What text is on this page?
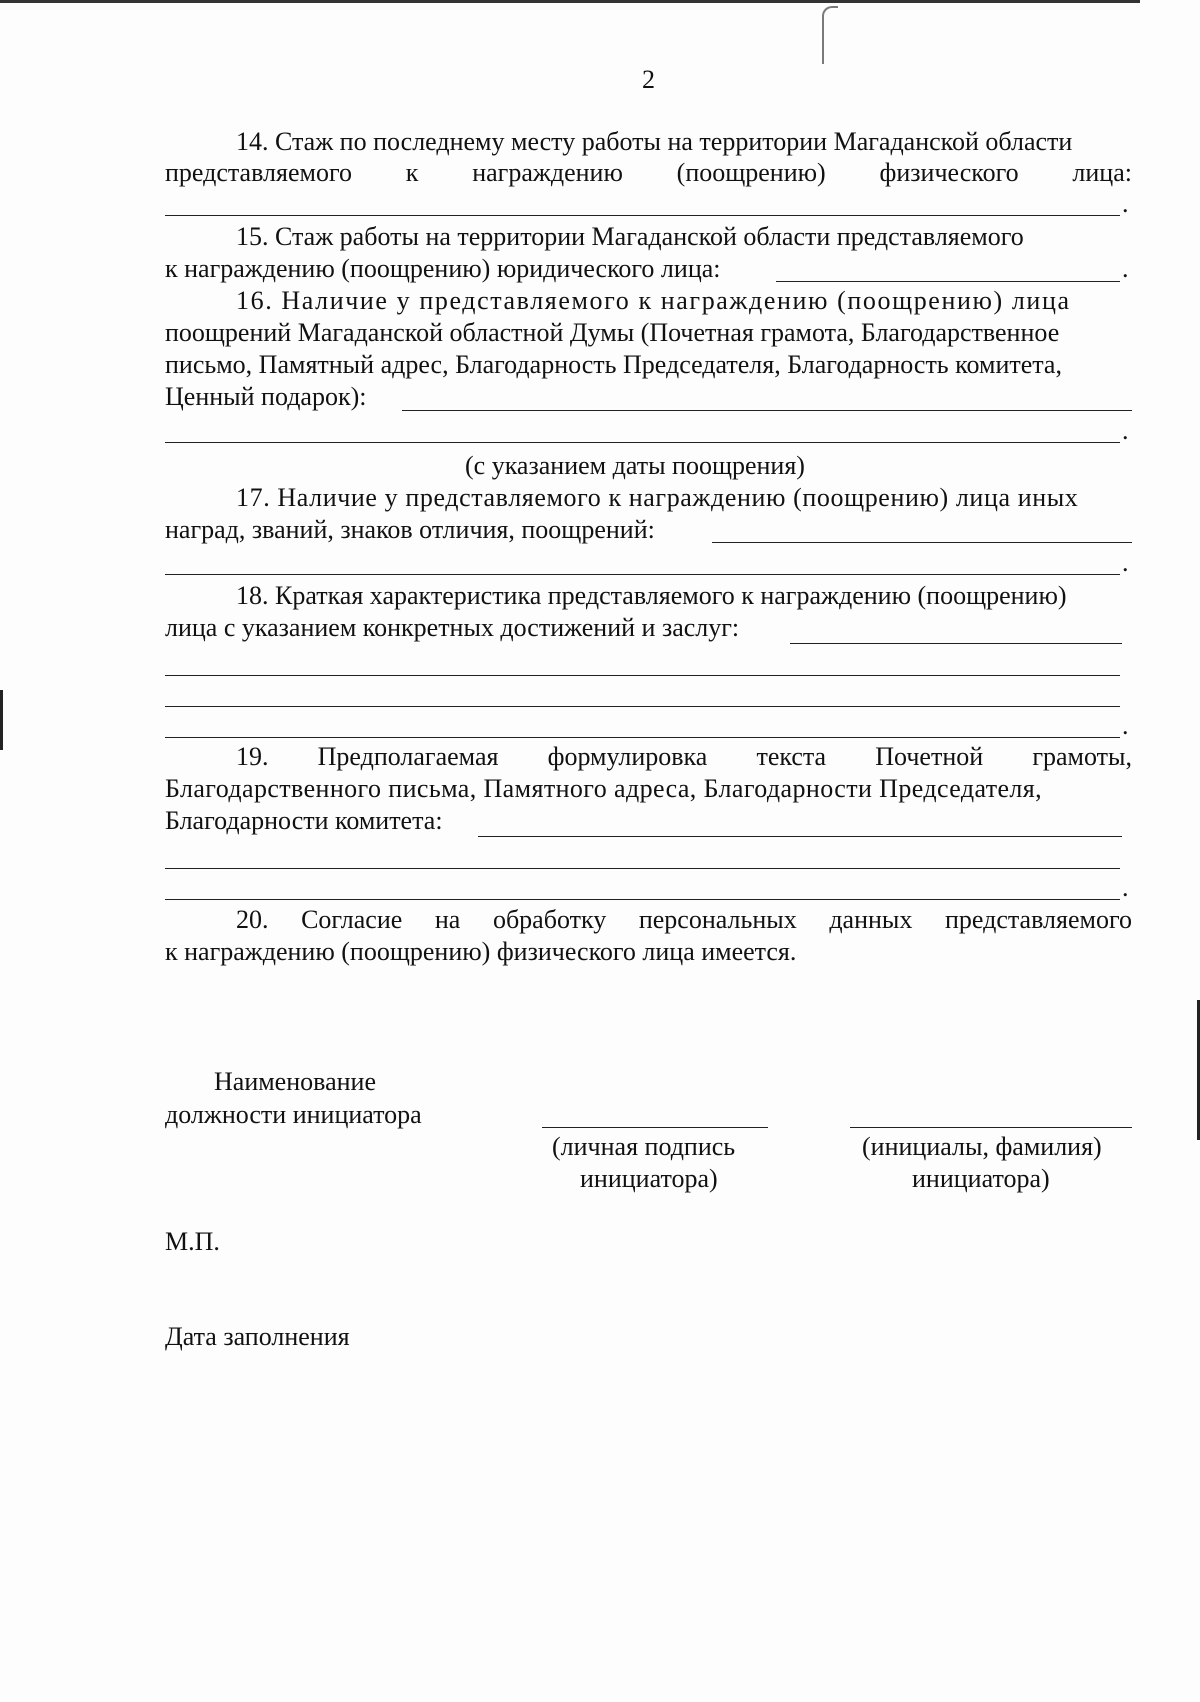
2
14. Стаж по последнему месту работы на территории Магаданской области
представляемого к награждению (поощрению) физического лица:
.
15. Стаж работы на территории Магаданской области представляемого
к награждению (поощрению) юридического лица:	.
16. Наличие у представляемого к награждению (поощрению) лица
поощрений Магаданской областной Думы (Почетная грамота, Благодарственное
письмо, Памятный адрес, Благодарность Председателя, Благодарность комитета,
Ценный подарок):
.
(с указанием даты поощрения)
17. Наличие у представляемого к награждению (поощрению) лица иных
наград, званий, знаков отличия, поощрений:
.
18. Краткая характеристика представляемого к награждению (поощрению)
лица с указанием конкретных достижений и заслуг:
.
19. Предполагаемая формулировка текста Почетной грамоты,
Благодарственного письма, Памятного адреса, Благодарности Председателя,
Благодарности комитета:
.
20. Согласие на обработку персональных данных представляемого
к награждению (поощрению) физического лица имеется.
Наименование
должности инициатора
(личная подпись
инициатора)
(инициалы, фамилия)
инициатора)
М.П.
Дата заполнения
